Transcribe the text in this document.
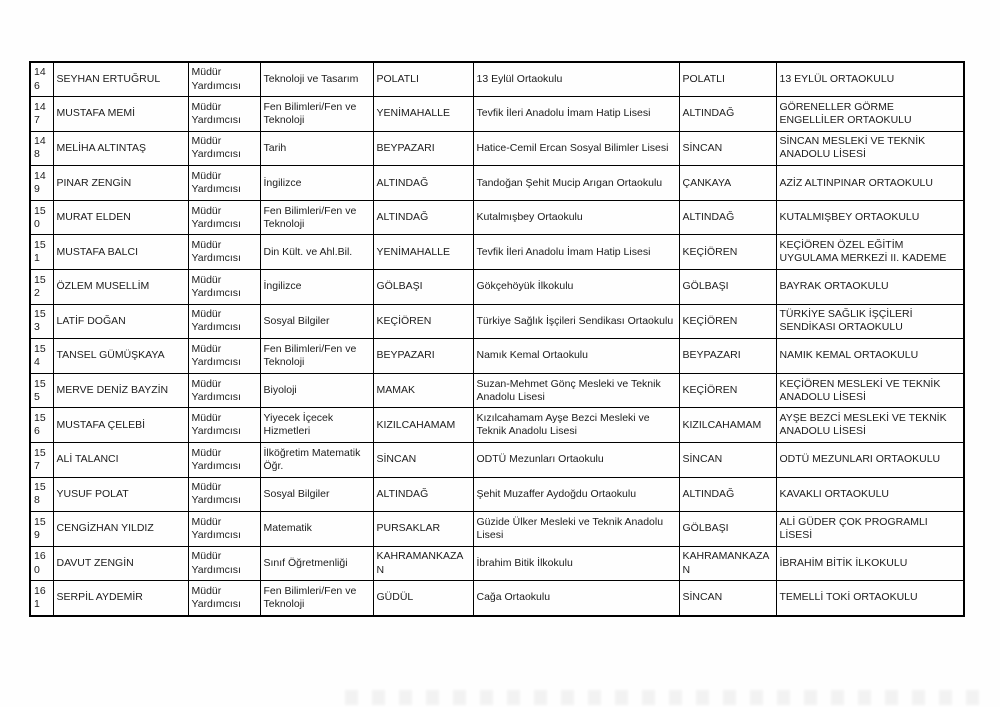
146	SEYHAN ERTUĞRUL	Müdür Yardımcısı	Teknoloji ve Tasarım	POLATLI	13 Eylül Ortaokulu	POLATLI	13 EYLÜL ORTAOKULU
147	MUSTAFA MEMİ	Müdür Yardımcısı	Fen Bilimleri/Fen ve Teknoloji	YENİMAHALLE	Tevfik İleri Anadolu İmam Hatip Lisesi	ALTINDAĞ	GÖRENELLER GÖRME ENGELLİLER ORTAOKULU
148	MELİHA ALTINTAŞ	Müdür Yardımcısı	Tarih	BEYPAZARI	Hatice-Cemil Ercan Sosyal Bilimler Lisesi	SİNCAN	SİNCAN MESLEKİ VE TEKNİK ANADOLU LİSESİ
149	PINAR ZENGİN	Müdür Yardımcısı	İngilizce	ALTINDAĞ	Tandoğan Şehit Mucip Arıgan Ortaokulu	ÇANKAYA	AZİZ ALTINPINAR ORTAOKULU
150	MURAT ELDEN	Müdür Yardımcısı	Fen Bilimleri/Fen ve Teknoloji	ALTINDAĞ	Kutalmışbey Ortaokulu	ALTINDAĞ	KUTALMIŞBEY ORTAOKULU
151	MUSTAFA BALCI	Müdür Yardımcısı	Din Kült. ve Ahl.Bil.	YENİMAHALLE	Tevfik İleri Anadolu İmam Hatip Lisesi	KEÇİÖREN	KEÇİÖREN ÖZEL EĞİTİM UYGULAMA MERKEZİ II. KADEME
152	ÖZLEM MUSELLİM	Müdür Yardımcısı	İngilizce	GÖLBAŞI	Gökçehöyük İlkokulu	GÖLBAŞI	BAYRAK ORTAOKULU
153	LATİF DOĞAN	Müdür Yardımcısı	Sosyal Bilgiler	KEÇİÖREN	Türkiye Sağlık İşçileri Sendikası Ortaokulu	KEÇİÖREN	TÜRKİYE SAĞLIK İŞÇİLERİ SENDİKASI ORTAOKULU
154	TANSEL GÜMÜŞKAYA	Müdür Yardımcısı	Fen Bilimleri/Fen ve Teknoloji	BEYPAZARI	Namık Kemal Ortaokulu	BEYPAZARI	NAMIK KEMAL ORTAOKULU
155	MERVE DENİZ BAYZİN	Müdür Yardımcısı	Biyoloji	MAMAK	Suzan-Mehmet Gönç Mesleki ve Teknik Anadolu Lisesi	KEÇİÖREN	KEÇİÖREN MESLEKİ VE TEKNİK ANADOLU LİSESİ
156	MUSTAFA ÇELEBİ	Müdür Yardımcısı	Yiyecek İçecek Hizmetleri	KIZILCAHAMAM	Kızılcahamam Ayşe Bezci Mesleki ve Teknik Anadolu Lisesi	KIZILCAHAMAM	AYŞE BEZCİ MESLEKİ VE TEKNİK ANADOLU LİSESİ
157	ALİ TALANCI	Müdür Yardımcısı	İlköğretim Matematik Öğr.	SİNCAN	ODTÜ Mezunları Ortaokulu	SİNCAN	ODTÜ MEZUNLARI ORTAOKULU
158	YUSUF POLAT	Müdür Yardımcısı	Sosyal Bilgiler	ALTINDAĞ	Şehit Muzaffer Aydoğdu Ortaokulu	ALTINDAĞ	KAVAKLI ORTAOKULU
159	CENGİZHAN YILDIZ	Müdür Yardımcısı	Matematik	PURSAKLAR	Güzide Ülker Mesleki ve Teknik Anadolu Lisesi	GÖLBAŞI	ALİ GÜDER ÇOK PROGRAMLI LİSESİ
160	DAVUT ZENGİN	Müdür Yardımcısı	Sınıf Öğretmenliği	KAHRAMANKAZAN	İbrahim Bitik İlkokulu	KAHRAMANKAZAN	İBRAHİM BİTİK İLKOKULU
161	SERPİL AYDEMİR	Müdür Yardımcısı	Fen Bilimleri/Fen ve Teknoloji	GÜDÜL	Cağa Ortaokulu	SİNCAN	TEMELLİ TOKİ ORTAOKULU
